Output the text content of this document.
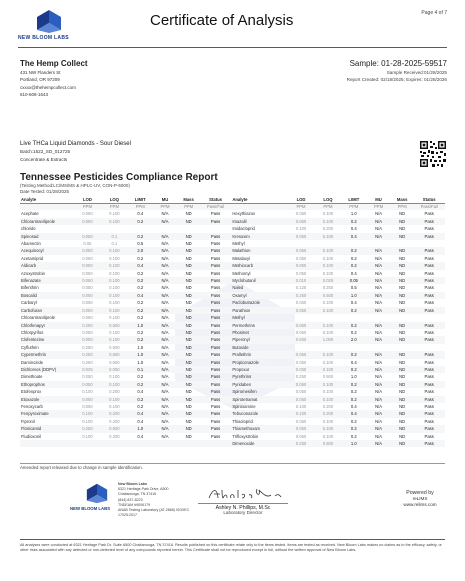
NEW BLOOM LABS
Certificate of Analysis	Page 4 of 7
The Hemp Collect
431 NW Flanders St
Portland, OR 97209
cxxxx@thehempcollect.com
610-608-1643
Sample: 01-28-2025-59517
Sample Received:01/28/2025
Report Created: 02/18/2025; Expires: 01/28/2026
Live THCa Liquid Diamonds - Sour Diesel
Batch:1622_SD_012725
Concentrate & Extracts
Tennessee Pesticides Compliance Report
(Testing Method:LC/MS/MS & HPLC-UV, CON-P-5000)
Date Tested: 01/28/2025
Analyte	LOD	LOQ	LIMIT	MU	Mass	Status	Analyte	LOD	LOQ	LIMIT	MU	Mass	Status
	PPM	PPM	PPM	PPM	PPM	Pass/Fail		PPM	PPM	PPM	PPM	PPM	Pass/Fail
Acephate	0.050	0.100	0.4	N/A	ND	Pass	Hexythiazox	0.050	0.100	1.0	N/A	ND	Pass
Chlorantraniliprole	0.050	0.100	0.2	N/A	ND	Pass	Imazalil	0.050	0.100	0.2	N/A	ND	Pass
chloride							Imidacloprid	0.100	0.200	0.4	N/A	ND	Pass
Spinosad	0.050	0.1	0.2	N/A	ND	Pass	Kresoxim	0.050	0.100	0.4	N/A	ND	Pass
Abamectin	0.05	0.1	0.5	N/A	ND	Pass	Methyl						
Acequinocyl	0.050	0.100	2.0	N/A	ND	Pass	Malathion	0.050	0.100	0.2	N/A	ND	Pass
Acetamiprid	0.050	0.100	0.2	N/A	ND	Pass	Metalaxyl	0.050	0.100	0.2	N/A	ND	Pass
Aldicarb	0.050	0.100	0.4	N/A	ND	Pass	Methiocarb	0.050	0.100	0.2	N/A	ND	Pass
Azoxystrobin	0.050	0.100	0.2	N/A	ND	Pass	Methomyl	0.050	0.100	0.4	N/A	ND	Pass
Bifenazate	0.050	0.100	0.2	N/A	ND	Pass	Myclobutanil	0.010	0.025	0.05	N/A	ND	Pass
Bifenthrin	0.050	0.100	0.2	N/A	ND	Pass	Naled	0.125	0.250	0.5	N/A	ND	Pass
Boscalid	0.050	0.100	0.4	N/A	ND	Pass	Oxamyl	0.250	0.500	1.0	N/A	ND	Pass
Carbaryl	0.050	0.100	0.2	N/A	ND	Pass	Paclobutrazole	0.050	0.100	0.4	N/A	ND	Pass
Carbofuran	0.050	0.100	0.2	N/A	ND	Pass	Parathion	0.050	0.100	0.2	N/A	ND	Pass
Chlorantraniliprole	0.050	0.100	0.2	N/A	ND	Pass	Methyl						
Chlorfenapyr	0.250	0.500	1.0	N/A	ND	Pass	Permethrins	0.050	0.100	0.2	N/A	ND	Pass
Chlorpyrifos	0.050	0.100	0.2	N/A	ND	Pass	Phosmet	0.050	0.100	0.2	N/A	ND	Pass
Clofentezine	0.050	0.100	0.2	N/A	ND	Pass	Piperonyl	0.500	1.000	2.0	N/A	ND	Pass
Cyfluthrin	0.250	0.500	1.0	N/A	ND	Pass	Butoxide						
Cypermethrin	0.250	0.500	1.0	N/A	ND	Pass	Prallethrin	0.050	0.100	0.2	N/A	ND	Pass
Daminozide	0.250	0.500	1.0	N/A	ND	Pass	Propiconazole	0.050	0.100	0.4	N/A	ND	Pass
Dichlorvos (DDPV)	0.025	0.050	0.1	N/A	ND	Pass	Propoxur	0.050	0.100	0.2	N/A	ND	Pass
Dimethoate	0.050	0.100	0.2	N/A	ND	Pass	Pyrethrins	0.250	0.500	1.0	N/A	ND	Pass
Ethoprophos	0.050	0.100	0.2	N/A	ND	Pass	Pyridaben	0.050	0.100	0.2	N/A	ND	Pass
Etofenprox	0.100	0.200	0.4	N/A	ND	Pass	Spiromesifen	0.050	0.100	0.2	N/A	ND	Pass
Etoxazole	0.050	0.100	0.2	N/A	ND	Pass	Spirotetramat	0.050	0.100	0.2	N/A	ND	Pass
Fenoxycarb	0.050	0.100	0.2	N/A	ND	Pass	Spiroxamine	0.100	0.200	0.4	N/A	ND	Pass
Fenpyroximate	0.100	0.200	0.4	N/A	ND	Pass	Tebuconazole	0.100	0.200	0.4	N/A	ND	Pass
Fipronil	0.100	0.200	0.4	N/A	ND	Pass	Thiacloprid	0.050	0.100	0.2	N/A	ND	Pass
Flonicamid	0.250	0.500	1.0	N/A	ND	Pass	Thiamethoxam	0.050	0.100	0.2	N/A	ND	Pass
Fludioxonil	0.100	0.200	0.4	N/A	ND	Pass	Trifloxystrobin	0.050	0.100	0.2	N/A	ND	Pass
							Dimenoxide	0.250	0.500	1.0	N/A	ND	Pass
Amended report released due to change in sample identification.
NEW BLOOM LABS
New Bloom Labs
6321 Heritage Park Drive, A500
Chattanooga, TN 37416
(844) 837-8223
TNDEAM #9006179
ANAB Testing Laboratory (AT-2868) ISO/IEC
17025:2017
Ashley N. Phillips, M.Sc
Laboratory Director
Powered by
reLIMS
www.relims.com
All analyses were conducted at 6321 Heritage Park Dr. Suite A500 Chattanooga, TN 37416. Results published on this certificate relate only to the items tested. Items are tested as received. New Bloom Labs makes no claims as to the efficacy, safety, or other risks associated with any detected or non-detected level of any compounds reported herein. This Certificate shall not be reproduced except in full, without the written approval of New Bloom Labs.
